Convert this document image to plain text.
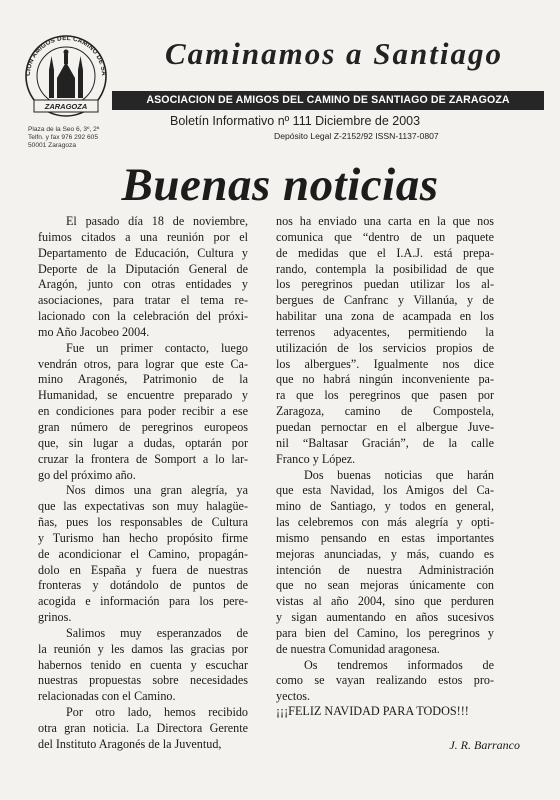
CION AMIGOS DEL CAMINO DE SA
ZARAGOZA
Plaza de la Seo 6, 3º, 2ª
Telfn. y fax 976 292 605
50001 Zaragoza
Caminamos a Santiago
ASOCIACION DE AMIGOS DEL CAMINO DE SANTIAGO DE ZARAGOZA
Boletín Informativo nº 111 Diciembre de 2003
Depósito Legal Z-2152/92 ISSN-1137-0807
Buenas noticias

El pasado día 18 de noviembre,
fuimos citados a una reunión por el
Departamento de Educación, Cultura y
Deporte de la Diputación General de
Aragón, junto con otras entidades y
asociaciones, para tratar el tema re-
lacionado con la celebración del próxi-
mo Año Jacobeo 2004.

Fue un primer contacto, luego
vendrán otros, para lograr que este Ca-
mino Aragonés, Patrimonio de la
Humanidad, se encuentre preparado y
en condiciones para poder recibir a ese
gran número de peregrinos europeos
que, sin lugar a dudas, optarán por
cruzar la frontera de Somport a lo lar-
go del próximo año.

Nos dimos una gran alegría, ya
que las expectativas son muy halagüe-
ñas, pues los responsables de Cultura
y Turismo han hecho propósito firme
de acondicionar el Camino, propagán-
dolo en España y fuera de nuestras
fronteras y dotándolo de puntos de
acogida e información para los pere-
grinos.

Salimos muy esperanzados de
la reunión y les damos las gracias por
habernos tenido en cuenta y escuchar
nuestras propuestas sobre necesidades
relacionadas con el Camino.

Por otro lado, hemos recibido
otra gran noticia. La Directora Gerente
del Instituto Aragonés de la Juventud,

nos ha enviado una carta en la que nos
comunica que “dentro de un paquete
de medidas que el I.A.J. está prepa-
rando, contempla la posibilidad de que
los peregrinos puedan utilizar los al-
bergues de Canfranc y Villanúa, y de
habilitar una zona de acampada en los
terrenos adyacentes, permitiendo la
utilización de los servicios propios de
los albergues”. Igualmente nos dice
que no habrá ningún inconveniente pa-
ra que los peregrinos que pasen por
Zaragoza, camino de Compostela,
puedan pernoctar en el albergue Juve-
nil “Baltasar Gracián”, de la calle
Franco y López.

Dos buenas noticias que harán
que esta Navidad, los Amigos del Ca-
mino de Santiago, y todos en general,
las celebremos con más alegría y opti-
mismo pensando en estas importantes
mejoras anunciadas, y más, cuando es
intención de nuestra Administración
que no sean mejoras únicamente con
vistas al año 2004, sino que perduren
y sigan aumentando en años sucesivos
para bien del Camino, los peregrinos y
de nuestra Comunidad aragonesa.

Os tendremos informados de
como se vayan realizando estos pro-
yectos.

¡¡¡FELIZ NAVIDAD PARA TODOS!!!
J. R. Barranco
